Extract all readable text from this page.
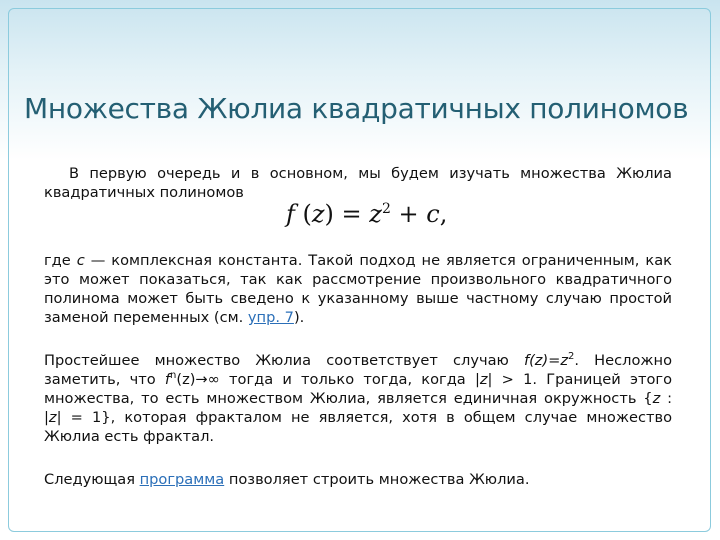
Множества Жюлиа квадратичных полиномов
В первую очередь и в основном, мы будем изучать множества Жюлиа квадратичных полиномов
f $(z) = z^2 + c$,
где с — комплексная константа. Такой подход не является ограниченным, как это может показаться, так как рассмотрение произвольного квадратичного полинома может быть сведено к указанному выше частному случаю простой заменой переменных (см. упр. 7).
Простейшее множество Жюлиа соответствует случаю $f(z)=z^2$. Несложно заметить, что $f^n(z)\to\infty$ тогда и только тогда, когда |z| > 1. Границей этого множества, то есть множеством Жюлиа, является единичная окружность {z : |z| = 1}, которая фракталом не является, хотя в общем случае множество Жюлиа есть фрактал.
Следующая программа позволяет строить множества Жюлиа.
